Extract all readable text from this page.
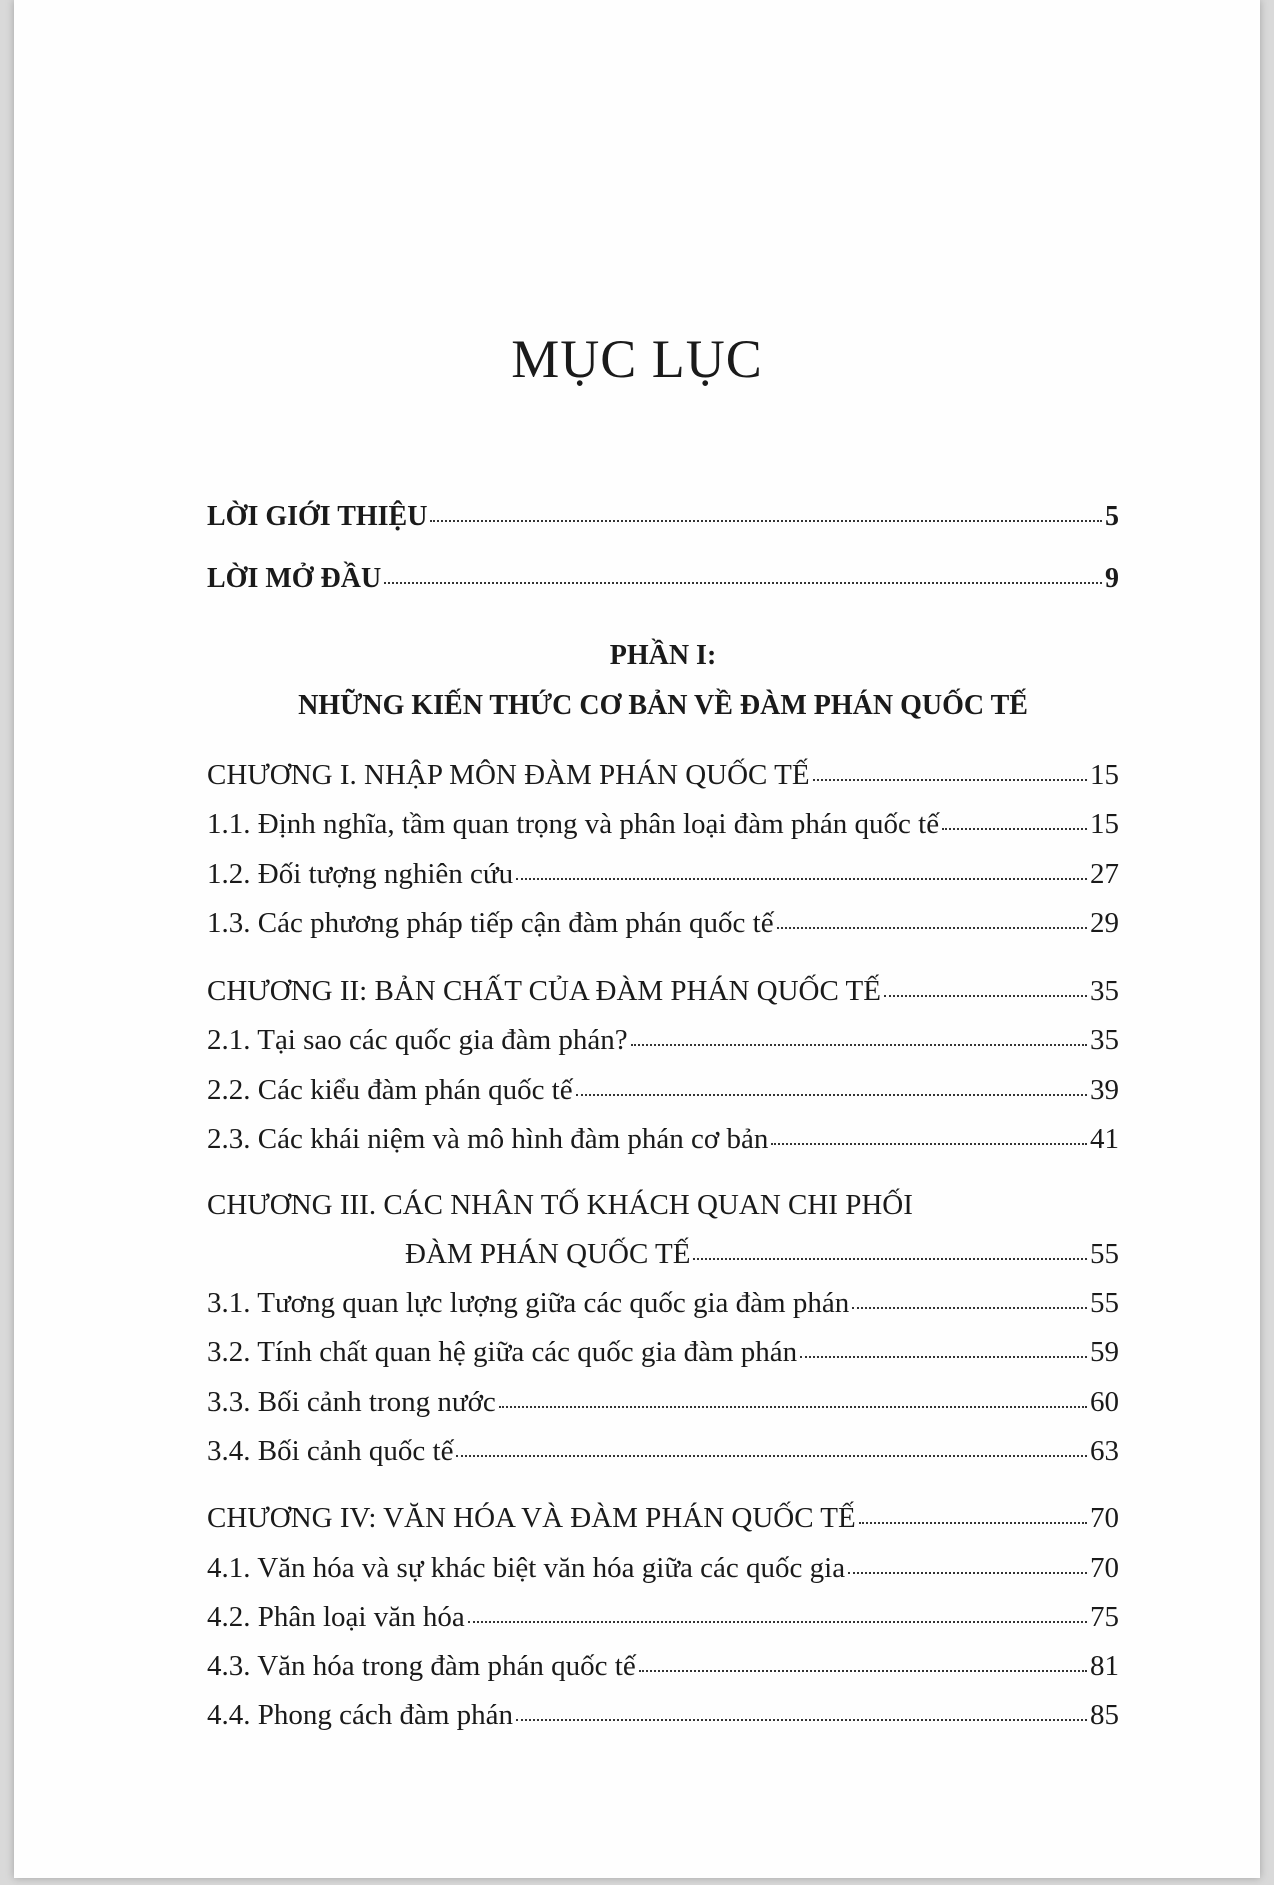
MỤC LỤC
LỜI GIỚI THIỆU	5
LỜI MỞ ĐẦU	9
PHẦN I:
NHỮNG KIẾN THỨC CƠ BẢN VỀ ĐÀM PHÁN QUỐC TẾ
CHƯƠNG I. NHẬP MÔN ĐÀM PHÁN QUỐC TẾ	15
1.1. Định nghĩa, tầm quan trọng và phân loại đàm phán quốc tế	15
1.2. Đối tượng nghiên cứu	27
1.3. Các phương pháp tiếp cận đàm phán quốc tế	29
CHƯƠNG II: BẢN CHẤT CỦA ĐÀM PHÁN QUỐC TẾ	35
2.1. Tại sao các quốc gia đàm phán?	35
2.2. Các kiểu đàm phán quốc tế	39
2.3. Các khái niệm và mô hình đàm phán cơ bản	41
CHƯƠNG III. CÁC NHÂN TỐ KHÁCH QUAN CHI PHỐI
ĐÀM PHÁN QUỐC TẾ	55
3.1. Tương quan lực lượng giữa các quốc gia đàm phán	55
3.2. Tính chất quan hệ giữa các quốc gia đàm phán	59
3.3. Bối cảnh trong nước	60
3.4. Bối cảnh quốc tế	63
CHƯƠNG IV: VĂN HÓA VÀ ĐÀM PHÁN QUỐC TẾ	70
4.1. Văn hóa và sự khác biệt văn hóa giữa các quốc gia	70
4.2. Phân loại văn hóa	75
4.3. Văn hóa trong đàm phán quốc tế	81
4.4. Phong cách đàm phán	85
